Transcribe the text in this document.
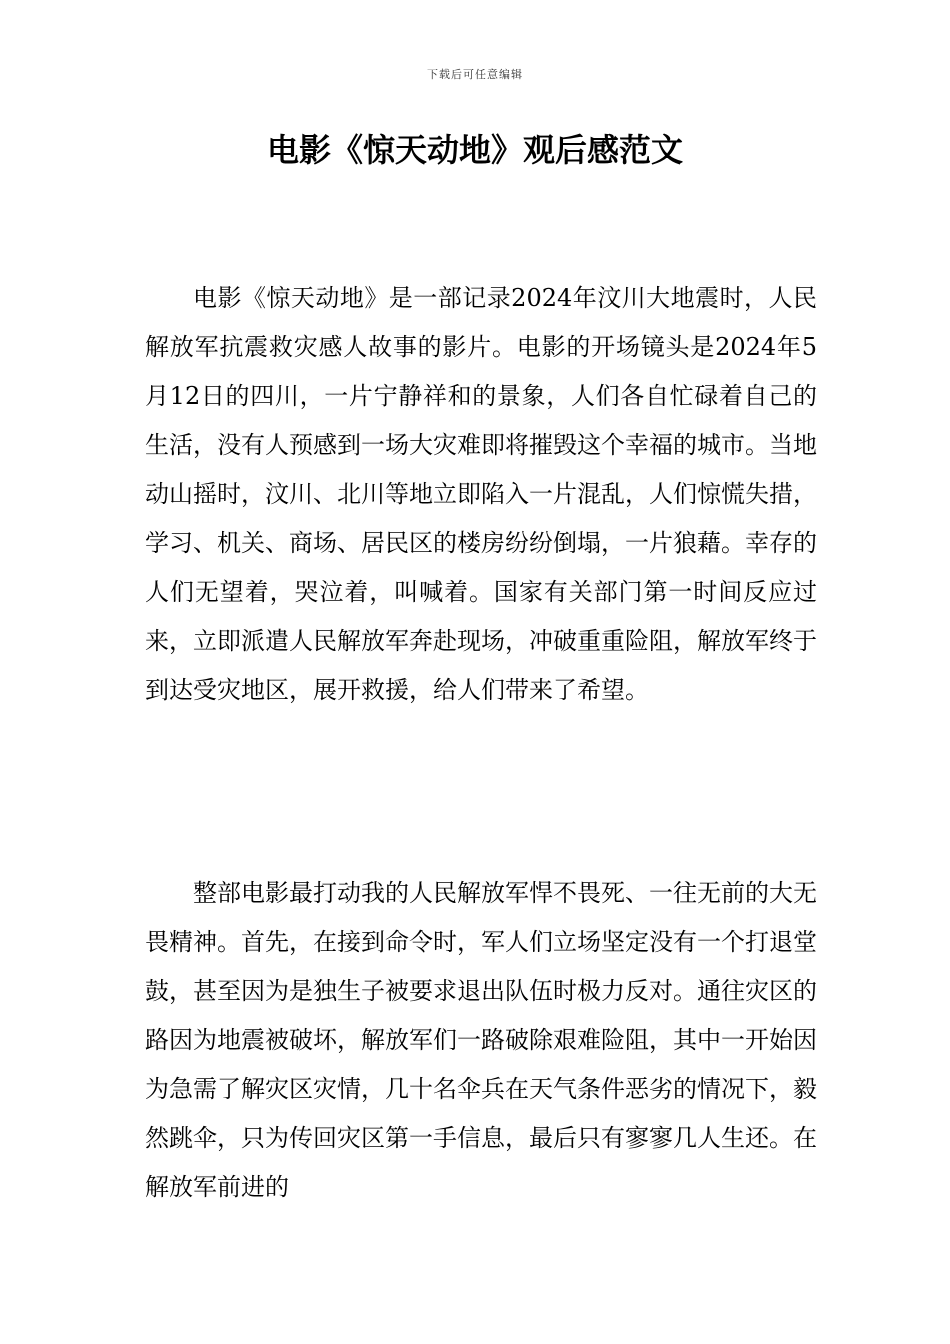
下载后可任意编辑
电影《惊天动地》观后感范文

电影《惊天动地》是一部记录2024年汶川大地震时，人民解放军抗震救灾感人故事的影片。电影的开场镜头是2024年5月12日的四川，一片宁静祥和的景象，人们各自忙碌着自己的生活，没有人预感到一场大灾难即将摧毁这个幸福的城市。当地动山摇时，汶川、北川等地立即陷入一片混乱，人们惊慌失措，学习、机关、商场、居民区的楼房纷纷倒塌，一片狼藉。幸存的人们无望着，哭泣着，叫喊着。国家有关部门第一时间反应过来，立即派遣人民解放军奔赴现场，冲破重重险阻，解放军终于到达受灾地区，展开救援，给人们带来了希望。

整部电影最打动我的人民解放军悍不畏死、一往无前的大无畏精神。首先，在接到命令时，军人们立场坚定没有一个打退堂鼓，甚至因为是独生子被要求退出队伍时极力反对。通往灾区的路因为地震被破坏，解放军们一路破除艰难险阻，其中一开始因为急需了解灾区灾情，几十名伞兵在天气条件恶劣的情况下，毅然跳伞，只为传回灾区第一手信息，最后只有寥寥几人生还。在解放军前进的
